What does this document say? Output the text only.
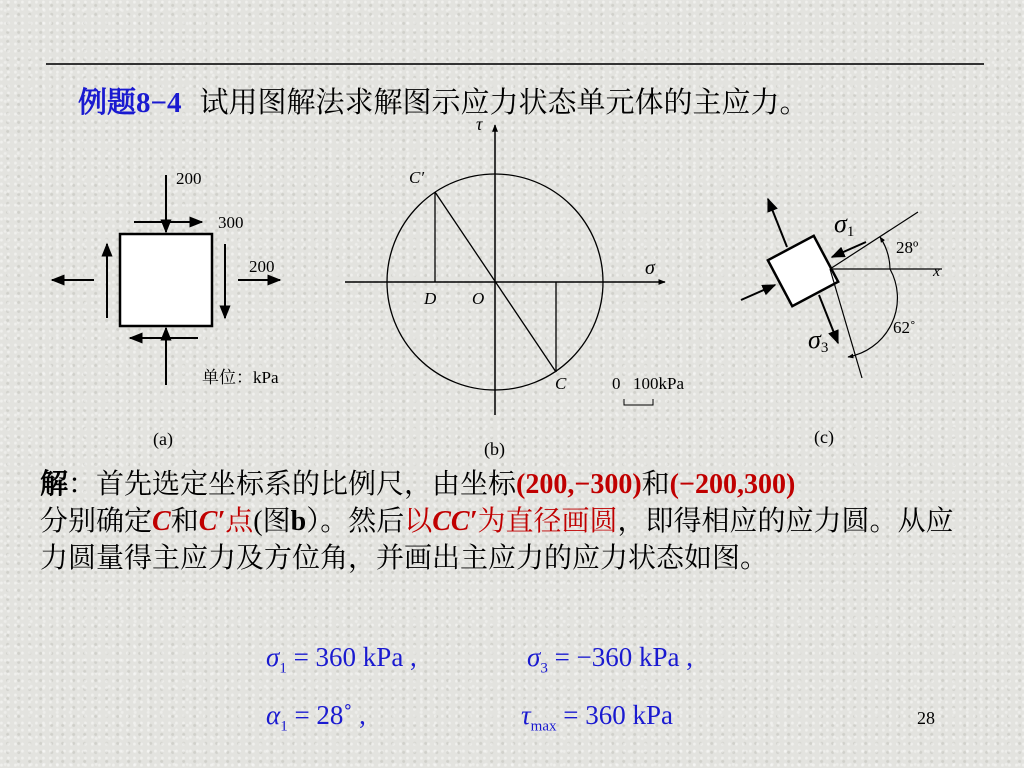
例题8−4 试用图解法求解图示应力状态单元体的主应力。
200
300
200
单位：kPa
(a)
τ
σ
C′
D O
C	0 100kPa
(b)
σ1
28º
x
62˚
σ3
(c)
解：首先选定坐标系的比例尺，由坐标(200,−300)和(−200,300)
分别确定C和C′点(图b）。然后以CC′为直径画圆，即得相应的应力圆。从应力圆量得主应力及方位角，并画出主应力的应力状态如图。
$\sigma_1 = 360$ kPa ,	$\sigma_3 = -360$ kPa ,
$\alpha_1$ = 28˚ ,	$\tau_{max} = 360$ kPa	28
